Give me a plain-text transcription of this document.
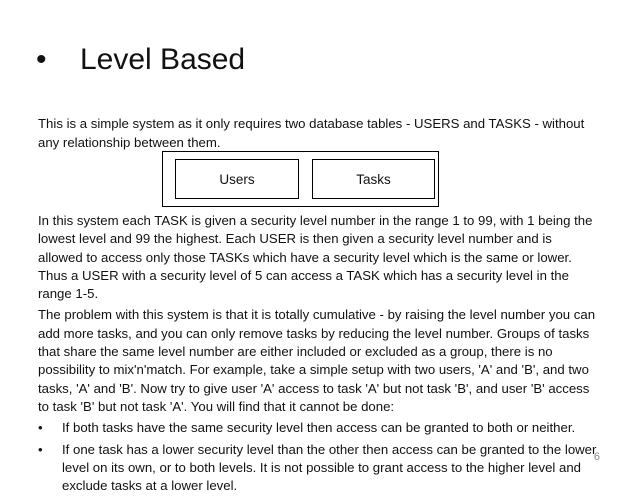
•	Level Based
This is a simple system as it only requires two database tables - USERS and TASKS - without any relationship between them.
Users	Tasks

In this system each TASK is given a security level number in the range 1 to 99, with 1 being the lowest level and 99 the highest. Each USER is then given a security level number and is allowed to access only those TASKs which have a security level which is the same or lower. Thus a USER with a security level of 5 can access a TASK which has a security level in the range 1-5.

The problem with this system is that it is totally cumulative - by raising the level number you can add more tasks, and you can only remove tasks by reducing the level number. Groups of tasks that share the same level number are either included or excluded as a group, there is no possibility to mix'n'match. For example, take a simple setup with two users, 'A' and 'B', and two tasks, 'A' and 'B'. Now try to give user 'A' access to task 'A' but not task 'B', and user 'B' access to task 'B' but not task 'A'. You will find that it cannot be done:

• If both tasks have the same security level then access can be granted to both or neither.
• If one task has a lower security level than the other then access can be granted to the lower level on its own, or to both levels. It is not possible to grant access to the higher level and exclude tasks at a lower level.
6
